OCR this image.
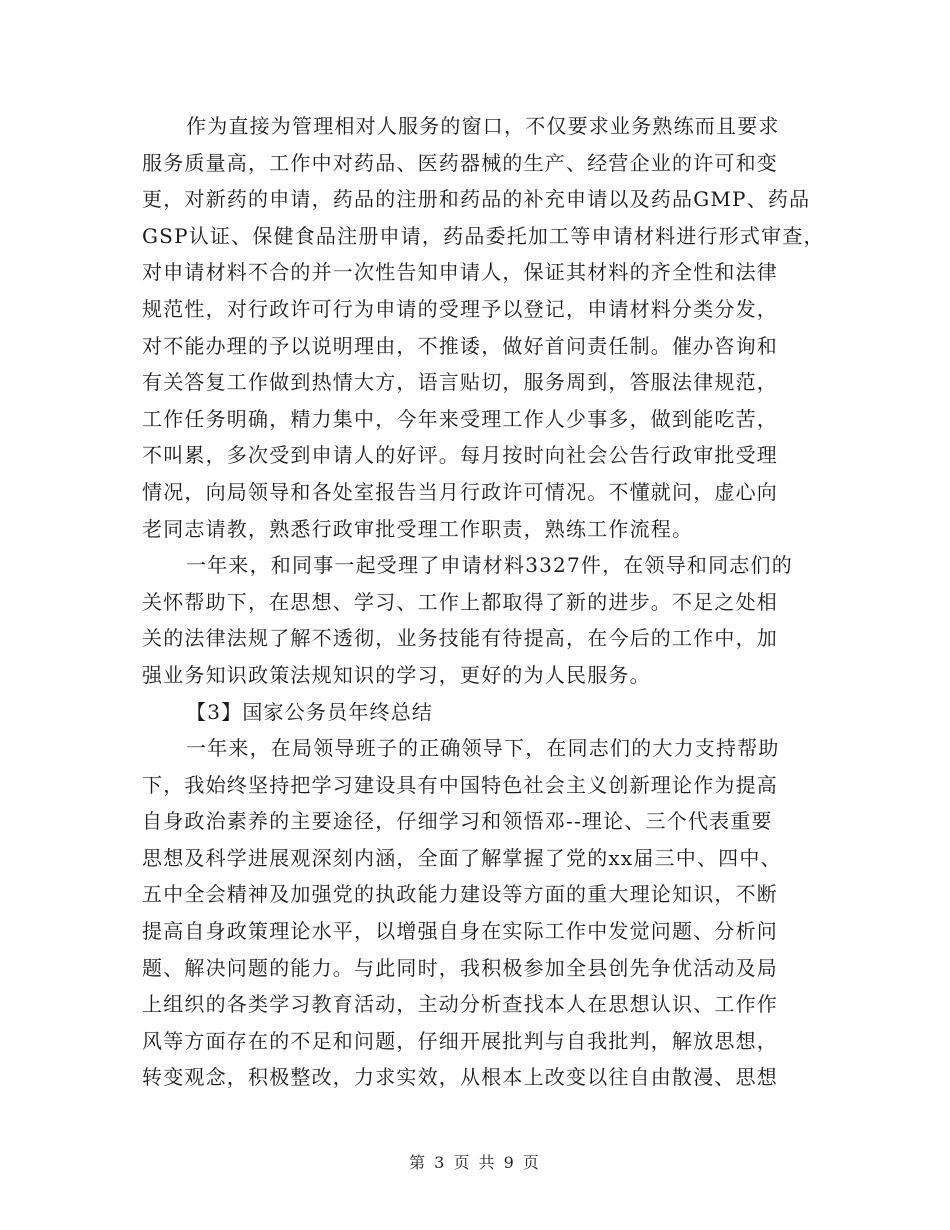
作为直接为管理相对人服务的窗口，不仅要求业务熟练而且要求
服务质量高，工作中对药品、医药器械的生产、经营企业的许可和变
更，对新药的申请，药品的注册和药品的补充申请以及药品GMP、药品
GSP认证、保健食品注册申请，药品委托加工等申请材料进行形式审查，
对申请材料不合的并一次性告知申请人，保证其材料的齐全性和法律
规范性，对行政许可行为申请的受理予以登记，申请材料分类分发，
对不能办理的予以说明理由，不推诿，做好首问责任制。催办咨询和
有关答复工作做到热情大方，语言贴切，服务周到，答服法律规范，
工作任务明确，精力集中，今年来受理工作人少事多，做到能吃苦，
不叫累，多次受到申请人的好评。每月按时向社会公告行政审批受理
情况，向局领导和各处室报告当月行政许可情况。不懂就问，虚心向
老同志请教，熟悉行政审批受理工作职责，熟练工作流程。
一年来，和同事一起受理了申请材料3327件，在领导和同志们的
关怀帮助下，在思想、学习、工作上都取得了新的进步。不足之处相
关的法律法规了解不透彻，业务技能有待提高，在今后的工作中，加
强业务知识政策法规知识的学习，更好的为人民服务。
【3】国家公务员年终总结
一年来，在局领导班子的正确领导下，在同志们的大力支持帮助
下，我始终坚持把学习建设具有中国特色社会主义创新理论作为提高
自身政治素养的主要途径，仔细学习和领悟邓--理论、三个代表重要
思想及科学进展观深刻内涵，全面了解掌握了党的xx届三中、四中、
五中全会精神及加强党的执政能力建设等方面的重大理论知识，不断
提高自身政策理论水平，以增强自身在实际工作中发觉问题、分析问
题、解决问题的能力。与此同时，我积极参加全县创先争优活动及局
上组织的各类学习教育活动，主动分析查找本人在思想认识、工作作
风等方面存在的不足和问题，仔细开展批判与自我批判，解放思想，
转变观念，积极整改，力求实效，从根本上改变以往自由散漫、思想
第 3 页 共 9 页
